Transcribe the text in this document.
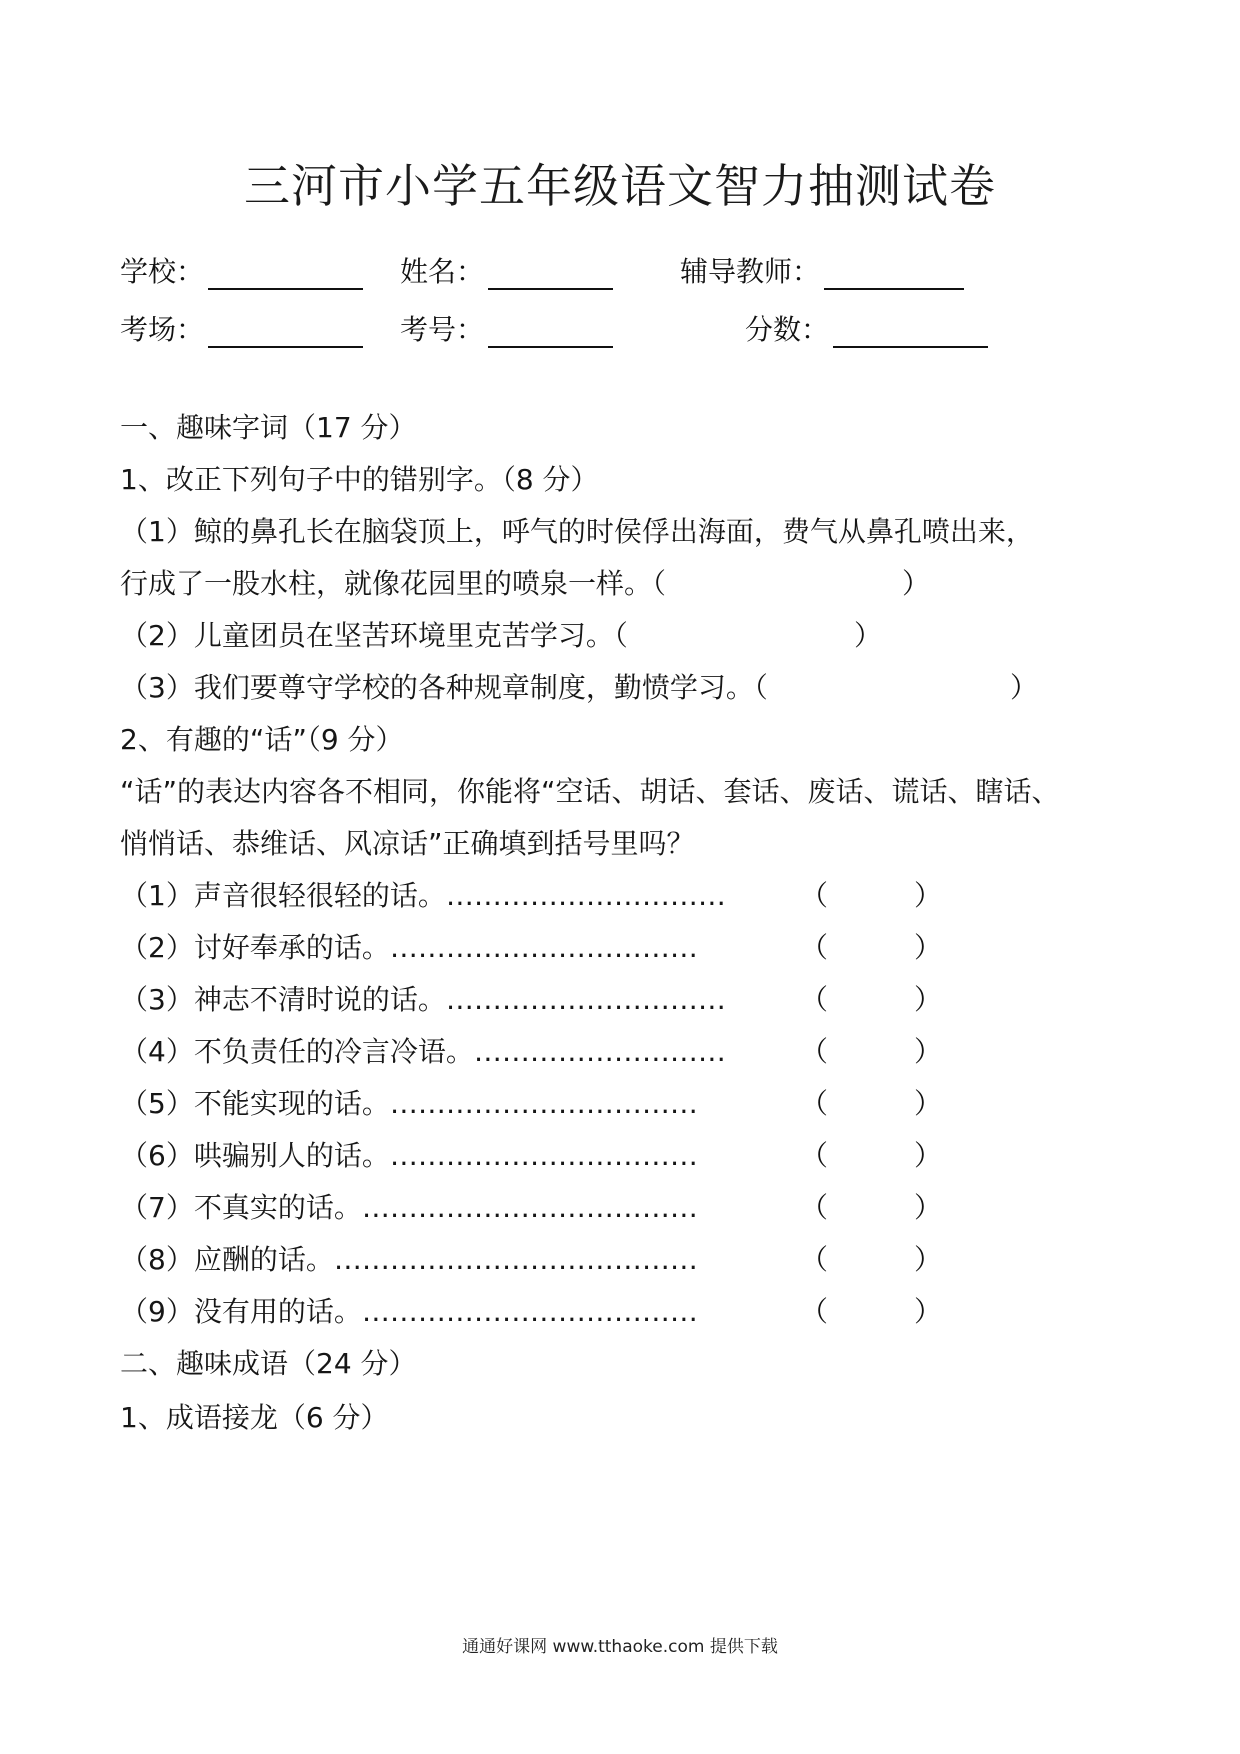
三河市小学五年级语文智力抽测试卷
学校：	姓名：	辅导教师：
考场：	考号：	分数：
一、趣味字词（17 分）
1、改正下列句子中的错别字。（8 分）
（1）鲸的鼻孔长在脑袋顶上，呼气的时侯俘出海面，费气从鼻孔喷出来，
行成了一股水柱，就像花园里的喷泉一样。（	）
（2）儿童团员在坚苦环境里克苦学习。（	）
（3）我们要尊守学校的各种规章制度，勤愤学习。（	）
2、有趣的“话”（9 分）
“话”的表达内容各不相同，你能将“空话、胡话、套话、废话、谎话、瞎话、
悄悄话、恭维话、风凉话”正确填到括号里吗？
（1）声音很轻很轻的话。…………………………	（	）
（2）讨好奉承的话。……………………………	（	）
（3）神志不清时说的话。…………………………	（	）
（4）不负责任的冷言冷语。………………………	（	）
（5）不能实现的话。……………………………	（	）
（6）哄骗别人的话。……………………………	（	）
（7）不真实的话。………………………………	（	）
（8）应酬的话。…………………………………	（	）
（9）没有用的话。………………………………	（	）
二、趣味成语（24 分）
1、成语接龙（6 分）
通通好课网 www.tthaoke.com 提供下载
